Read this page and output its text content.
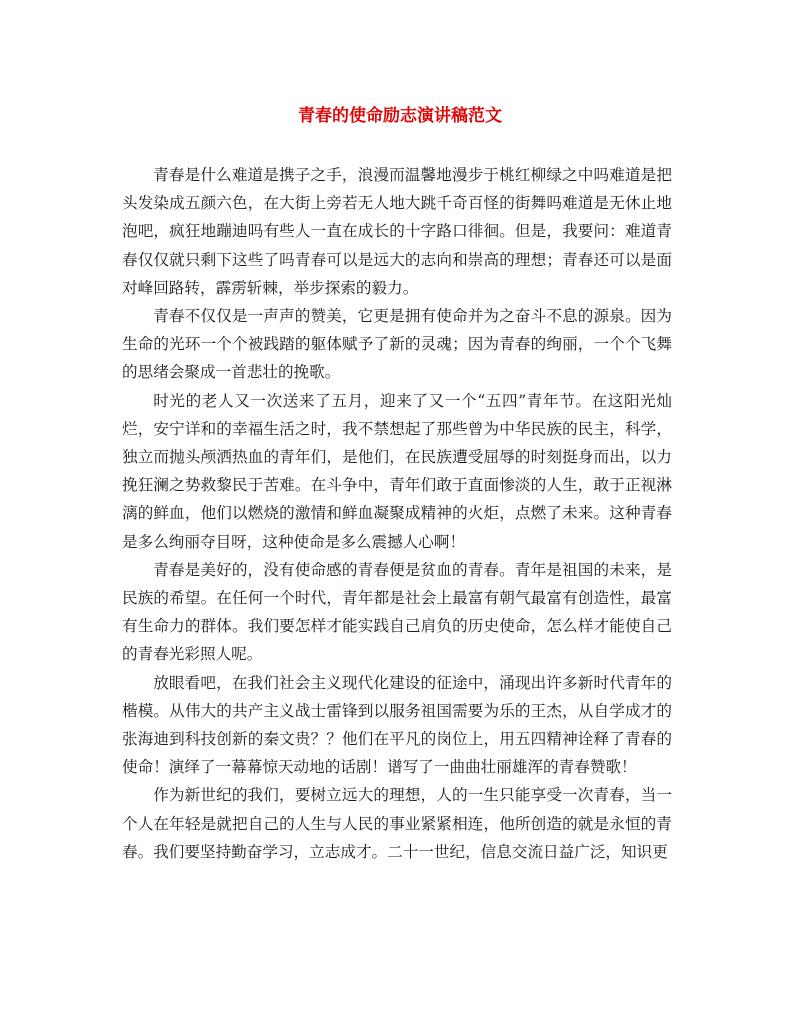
青春的使命励志演讲稿范文

青春是什么难道是携子之手，浪漫而温馨地漫步于桃红柳绿之中吗难道是把头发染成五颜六色，在大街上旁若无人地大跳千奇百怪的街舞吗难道是无休止地泡吧，疯狂地蹦迪吗有些人一直在成长的十字路口徘徊。但是，我要问：难道青春仅仅就只剩下这些了吗青春可以是远大的志向和崇高的理想；青春还可以是面对峰回路转，霹雳斩棘，举步探索的毅力。

青春不仅仅是一声声的赞美，它更是拥有使命并为之奋斗不息的源泉。因为生命的光环一个个被践踏的躯体赋予了新的灵魂；因为青春的绚丽，一个个飞舞的思绪会聚成一首悲壮的挽歌。

时光的老人又一次送来了五月，迎来了又一个“五四”青年节。在这阳光灿烂，安宁详和的幸福生活之时，我不禁想起了那些曾为中华民族的民主，科学，独立而抛头颅洒热血的青年们，是他们，在民族遭受屈辱的时刻挺身而出，以力挽狂澜之势救黎民于苦难。在斗争中，青年们敢于直面惨淡的人生，敢于正视淋漓的鲜血，他们以燃烧的激情和鲜血凝聚成精神的火炬，点燃了未来。这种青春是多么绚丽夺目呀，这种使命是多么震撼人心啊！

青春是美好的，没有使命感的青春便是贫血的青春。青年是祖国的未来，是民族的希望。在任何一个时代，青年都是社会上最富有朝气最富有创造性，最富有生命力的群体。我们要怎样才能实践自己肩负的历史使命，怎么样才能使自己的青春光彩照人呢。

放眼看吧，在我们社会主义现代化建设的征途中，涌现出许多新时代青年的楷模。从伟大的共产主义战士雷锋到以服务祖国需要为乐的王杰，从自学成才的张海迪到科技创新的秦文贵？？他们在平凡的岗位上，用五四精神诠释了青春的使命！演绎了一幕幕惊天动地的话剧！谱写了一曲曲壮丽雄浑的青春赞歌！

作为新世纪的我们，要树立远大的理想，人的一生只能享受一次青春，当一个人在年轻是就把自己的人生与人民的事业紧紧相连，他所创造的就是永恒的青春。我们要坚持勤奋学习，立志成才。二十一世纪，信息交流日益广泛，知识更
